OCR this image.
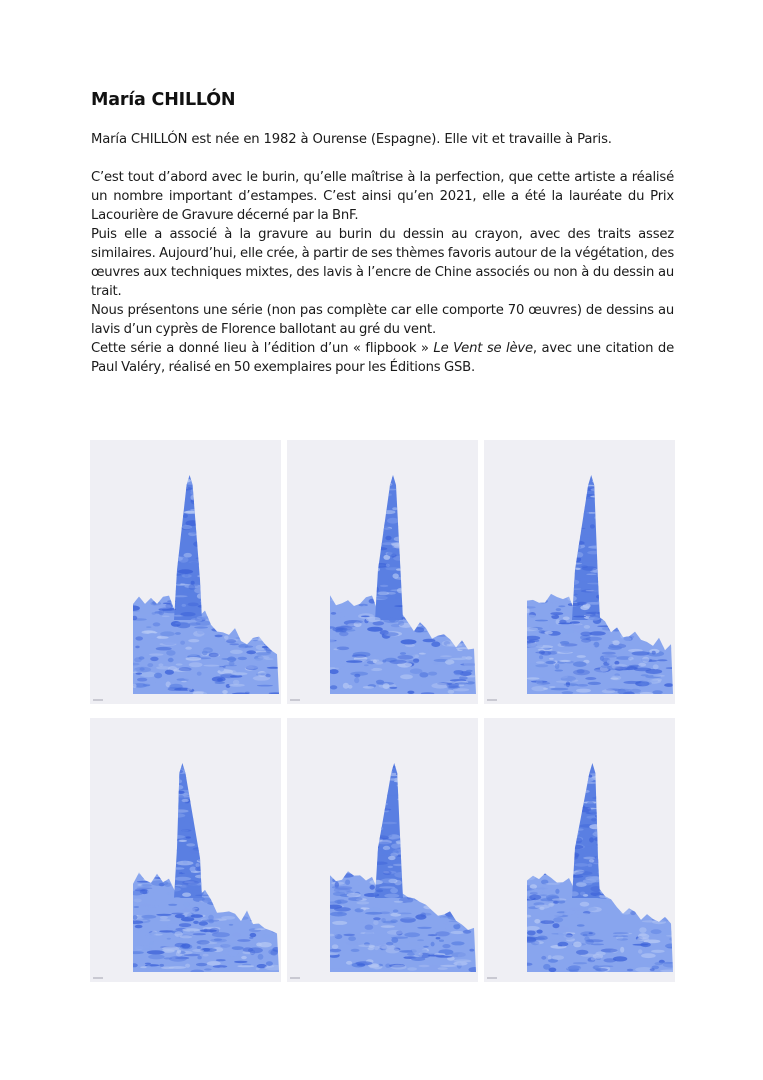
María CHILLÓN

María CHILLÓN est née en 1982 à Ourense (Espagne). Elle vit et travaille à Paris.

C’est tout d’abord avec le burin, qu’elle maîtrise à la perfection, que cette artiste a réalisé un nombre important d’estampes. C’est ainsi qu’en 2021, elle a été la lauréate du Prix Lacourière de Gravure décerné par la BnF.

Puis elle a associé à la gravure au burin du dessin au crayon, avec des traits assez similaires. Aujourd’hui, elle crée, à partir de ses thèmes favoris autour de la végétation, des œuvres aux techniques mixtes, des lavis à l’encre de Chine associés ou non à du dessin au trait.

Nous présentons une série (non pas complète car elle comporte 70 œuvres) de dessins au lavis d’un cyprès de Florence ballotant au gré du vent.

Cette série a donné lieu à l’édition d’un « flipbook » Le Vent se lève, avec une citation de Paul Valéry, réalisé en 50 exemplaires pour les Éditions GSB.
